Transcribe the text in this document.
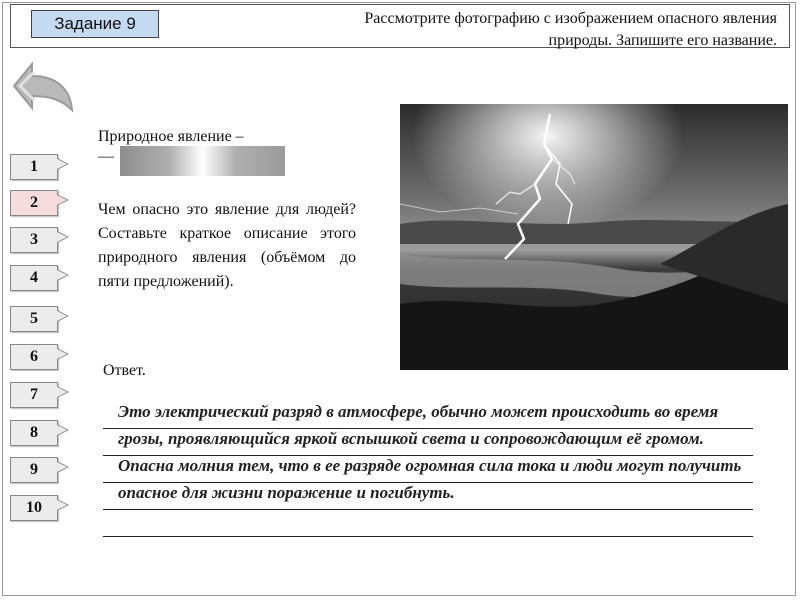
Задание 9	Рассмотрите фотографию с изображением опасного явления природы. Запишите его название.
1
2
3
4
5
6
7
8
9
10
Природное явление –
—
Чем опасно это явление для людей? Составьте краткое описание этого природного явления (объёмом до пяти предложений).
Ответ.
Это электрический разряд в атмосфере, обычно может происходить во время грозы, проявляющийся яркой вспышкой света и сопровождающим её громом. Опасна молния тем, что в ее разряде огромная сила тока и люди могут получить опасное для жизни поражение и погибнуть.
